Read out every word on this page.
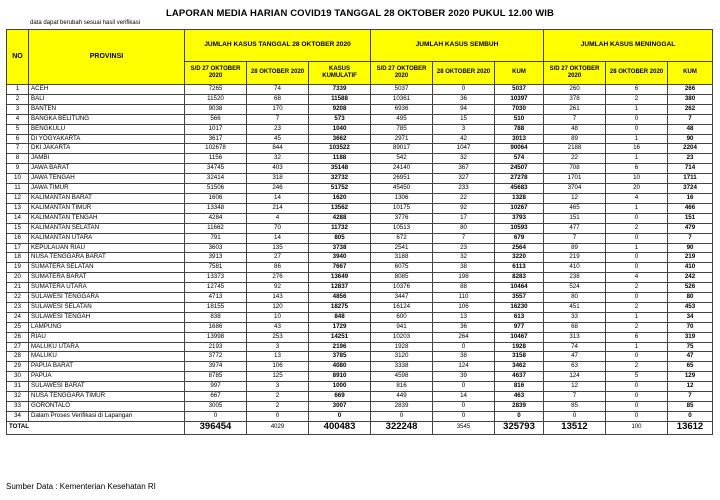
LAPORAN MEDIA HARIAN COVID19 TANGGAL 28 OKTOBER 2020 PUKUL 12.00 WIB
data dapat berubah sesuai hasil verifikasi
NO	PROVINSI	JUMLAH KASUS TANGGAL 28 OKTOBER 2020			JUMLAH KASUS SEMBUH			JUMLAH KASUS MENINGGAL		
		S/D 27 OKTOBER 2020	28 OKTOBER 2020	KASUS KUMULATIF	S/D 27 OKTOBER 2020	28 OKTOBER 2020	KUM	S/D 27 OKTOBER 2020	28 OKTOBER 2020	KUM
1	ACEH	7265	74	7339	5037	0	5037	260	6	266
2	BALI	11520	68	11588	10361	36	10397	378	2	380
3	BANTEN	9038	170	9208	6936	94	7030	261	1	262
4	BANGKA BELITUNG	566	7	573	495	15	510	7	0	7
5	BENGKULU	1017	23	1040	785	3	788	48	0	48
6	DI YOGYAKARTA	3617	45	3662	2971	42	3013	89	1	90
7	DKI JAKARTA	102678	844	103522	89017	1047	90064	2188	16	2204
8	JAMBI	1156	32	1188	542	32	574	22	1	23
9	JAWA BARAT	34745	403	35148	24140	367	24507	708	6	714
10	JAWA TENGAH	32414	318	32732	26951	327	27278	1701	10	1711
11	JAWA TIMUR	51506	246	51752	45450	233	45683	3704	20	3724
12	KALIMANTAN BARAT	1606	14	1620	1306	22	1328	12	4	16
13	KALIMANTAN TIMUR	13348	214	13562	10175	92	10267	465	1	466
14	KALIMANTAN TENGAH	4284	4	4288	3776	17	3793	151	0	151
15	KALIMANTAN SELATAN	11662	70	11732	10513	80	10593	477	2	479
16	KALIMANTAN UTARA	791	14	805	672	7	679	7	0	7
17	KEPULAUAN RIAU	3603	135	3738	2541	23	2564	89	1	90
18	NUSA TENGGARA BARAT	3913	27	3940	3188	32	3220	219	0	219
19	SUMATERA SELATAN	7581	86	7667	6075	38	6113	410	0	410
20	SUMATERA BARAT	13373	276	13649	8085	198	8283	238	4	242
21	SUMATERA UTARA	12745	92	12837	10376	88	10464	524	2	526
22	SULAWESI TENGGARA	4713	143	4856	3447	110	3557	80	0	80
23	SULAWESI SELATAN	18155	120	18275	16124	106	16230	451	2	453
24	SULAWESI TENGAH	838	10	848	600	13	613	33	1	34
25	LAMPUNG	1686	43	1729	941	36	977	68	2	70
26	RIAU	13998	253	14251	10203	264	10467	313	6	319
27	MALUKU UTARA	2193	3	2196	1928	0	1928	74	1	75
28	MALUKU	3772	13	3785	3120	38	3158	47	0	47
29	PAPUA BARAT	3974	106	4080	3338	124	3462	63	2	65
30	PAPUA	8785	125	8910	4598	39	4637	124	5	129
31	SULAWESI BARAT	997	3	1000	816	0	816	12	0	12
32	NUSA TENGGARA TIMUR	667	2	669	449	14	463	7	0	7
33	GORONTALO	3005	2	3007	2839	0	2839	85	0	85
34	Dalam Proses Verifikasi di Lapangan	0	0	0	0	0	0	0	0	0
TOTAL		396454	4029	400483	322248	3545	325793	13512	100	13612
Sumber Data : Kementerian Kesehatan RI
